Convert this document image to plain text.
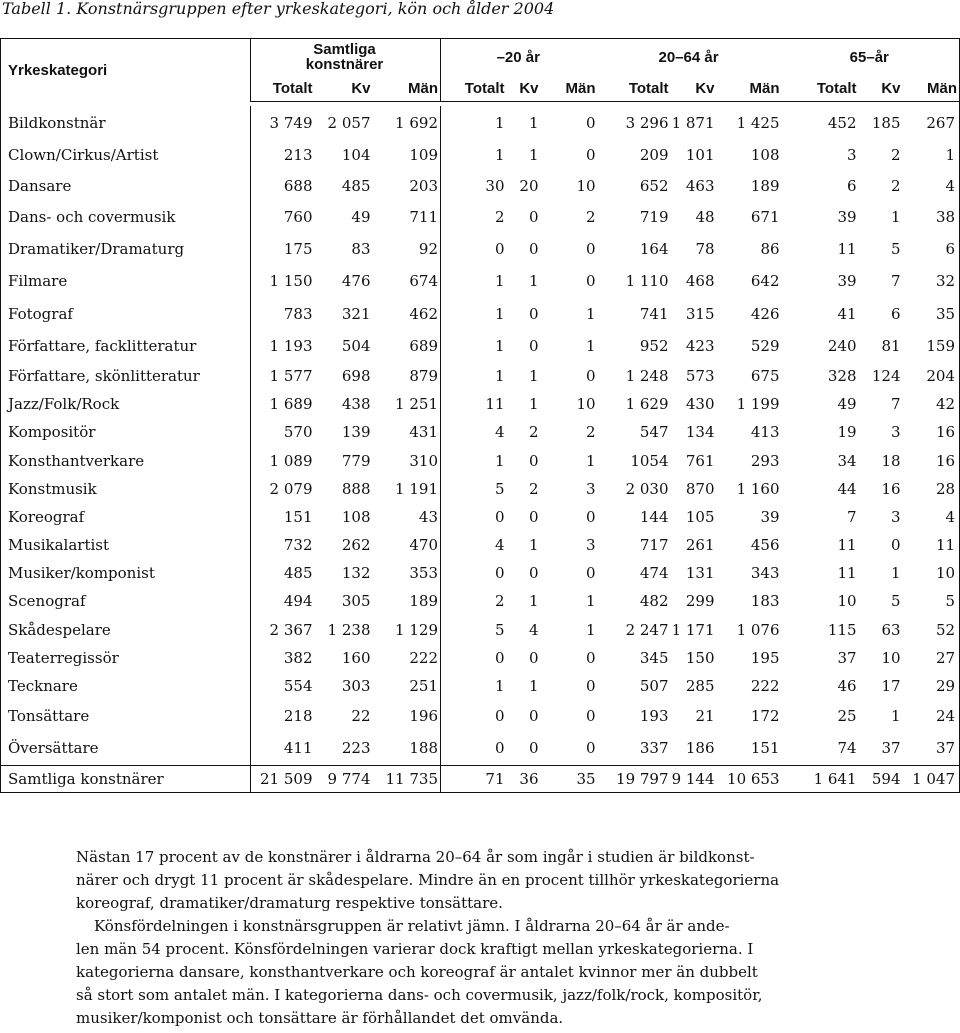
Tabell 1. Konstnärsgruppen efter yrkeskategori, kön och ålder 2004
Yrkeskategori	Samtliga
konstnärer			–20 år			20–64 år			65–år		

	Totalt	Kv	Män	Totalt	Kv	Män	Totalt	Kv	Män	Totalt	Kv	Män

Bildkonstnär	3 749	2 057	1 692	1	1	0	3 296	1 871	1 425	452	185	267
Clown/Cirkus/Artist	213	104	109	1	1	0	209	101	108	3	2	1
Dansare	688	485	203	30	20	10	652	463	189	6	2	4
Dans- och covermusik	760	49	711	2	0	2	719	48	671	39	1	38
Dramatiker/Dramaturg	175	83	92	0	0	0	164	78	86	11	5	6
Filmare	1 150	476	674	1	1	0	1 110	468	642	39	7	32
Fotograf	783	321	462	1	0	1	741	315	426	41	6	35
Författare, facklitteratur	1 193	504	689	1	0	1	952	423	529	240	81	159
Författare, skönlitteratur	1 577	698	879	1	1	0	1 248	573	675	328	124	204
Jazz/Folk/Rock	1 689	438	1 251	11	1	10	1 629	430	1 199	49	7	42
Kompositör	570	139	431	4	2	2	547	134	413	19	3	16
Konsthantverkare	1 089	779	310	1	0	1	1054	761	293	34	18	16
Konstmusik	2 079	888	1 191	5	2	3	2 030	870	1 160	44	16	28
Koreograf	151	108	43	0	0	0	144	105	39	7	3	4
Musikalartist	732	262	470	4	1	3	717	261	456	11	0	11
Musiker/komponist	485	132	353	0	0	0	474	131	343	11	1	10
Scenograf	494	305	189	2	1	1	482	299	183	10	5	5
Skådespelare	2 367	1 238	1 129	5	4	1	2 247	1 171	1 076	115	63	52
Teaterregissör	382	160	222	0	0	0	345	150	195	37	10	27
Tecknare	554	303	251	1	1	0	507	285	222	46	17	29
Tonsättare	218	22	196	0	0	0	193	21	172	25	1	24
Översättare	411	223	188	0	0	0	337	186	151	74	37	37
Samtliga konstnärer	21 509	9 774	11 735	71	36	35	19 797	9 144	10 653	1 641	594	1 047

Nästan 17 procent av de konstnärer i åldrarna 20–64 år som ingår i studien är bildkonst-

närer och drygt 11 procent är skådespelare. Mindre än en procent tillhör yrkeskategorierna

koreograf, dramatiker/dramaturg respektive tonsättare.

Könsfördelningen i konstnärsgruppen är relativt jämn. I åldrarna 20–64 år är ande-

len män 54 procent. Könsfördelningen varierar dock kraftigt mellan yrkeskategorierna. I

kategorierna dansare, konsthantverkare och koreograf är antalet kvinnor mer än dubbelt

så stort som antalet män. I kategorierna dans- och covermusik, jazz/folk/rock, kompositör,

musiker/komponist och tonsättare är förhållandet det omvända.
